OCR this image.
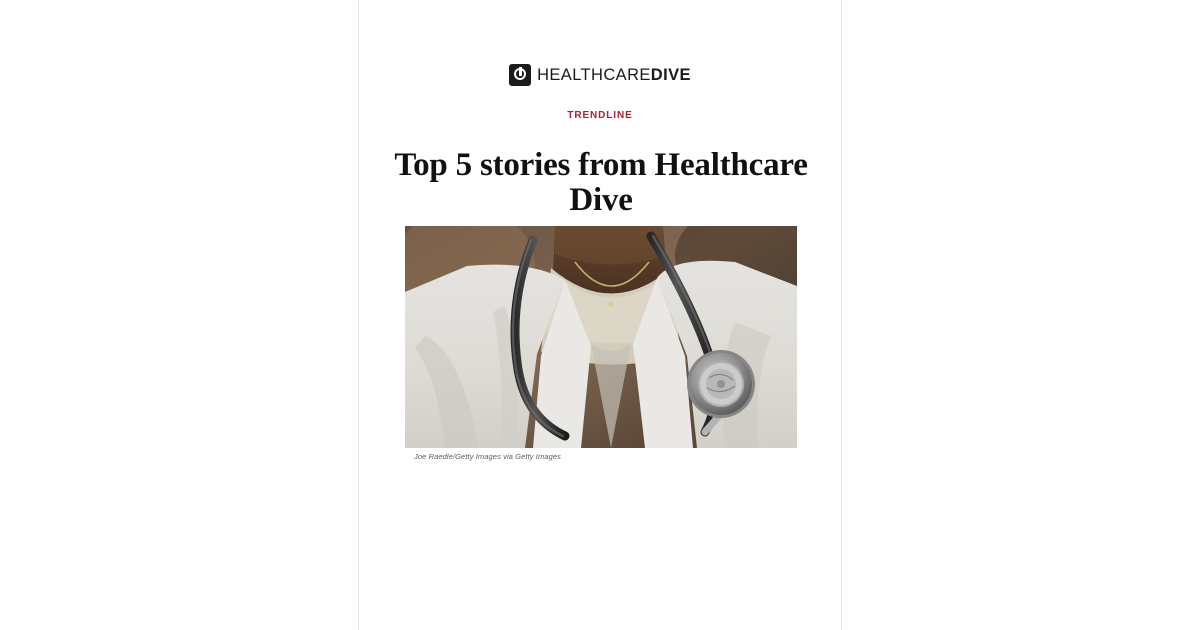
HEALTHCAREDIVE
TRENDLINE
Top 5 stories from Healthcare Dive
Joe Raedle/Getty Images via Getty Images
